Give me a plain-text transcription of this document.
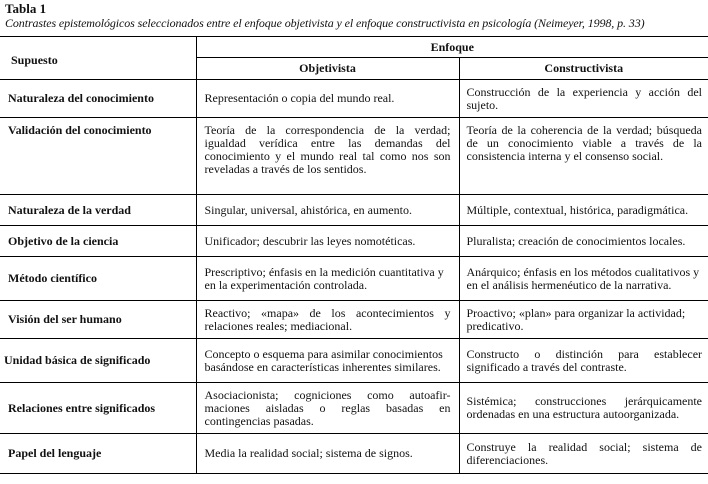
Tabla 1
Contrastes epistemológicos seleccionados entre el enfoque objetivista y el enfoque constructivista en psicología (Neimeyer, 1998, p. 33)
Supuesto	Enfoque	
	Objetivista	Constructivista
Naturaleza del conocimiento	Representación o copia del mundo real.	Construcción de la experiencia y acción del sujeto.
Validación del conocimiento	Teoría de la correspondencia de la verdad; igualdad verídica entre las demandas del conocimiento y el mundo real tal como nos son reveladas a través de los sentidos.	Teoría de la coherencia de la verdad; búsqueda de un conocimiento viable a través de la consistencia interna y el consenso social.
Naturaleza de la verdad	Singular, universal, ahistórica, en aumento.	Múltiple, contextual, histórica, paradigmática.
Objetivo de la ciencia	Unificador; descubrir las leyes nomotéticas.	Pluralista; creación de conocimientos locales.
Método científico	Prescriptivo; énfasis en la medición cuantitativa y en la experimentación controlada.	Anárquico; énfasis en los métodos cualitativos y en el análisis hermenéutico de la narrativa.
Visión del ser humano	Reactivo; «mapa» de los acontecimientos y relaciones reales; mediacional.	Proactivo; «plan» para organizar la actividad; predicativo.
Unidad básica de significado	Concepto o esquema para asimilar conocimientos basándose en características inherentes similares.	Constructo o distinción para establecer significado a través del contraste.
Relaciones entre significados	Asociacionista; cogniciones como autoafir-maciones aisladas o reglas basadas en contingencias pasadas.	Sistémica; construcciones jerárquicamente ordenadas en una estructura autoorganizada.
Papel del lenguaje	Media la realidad social; sistema de signos.	Construye la realidad social; sistema de diferenciaciones.
